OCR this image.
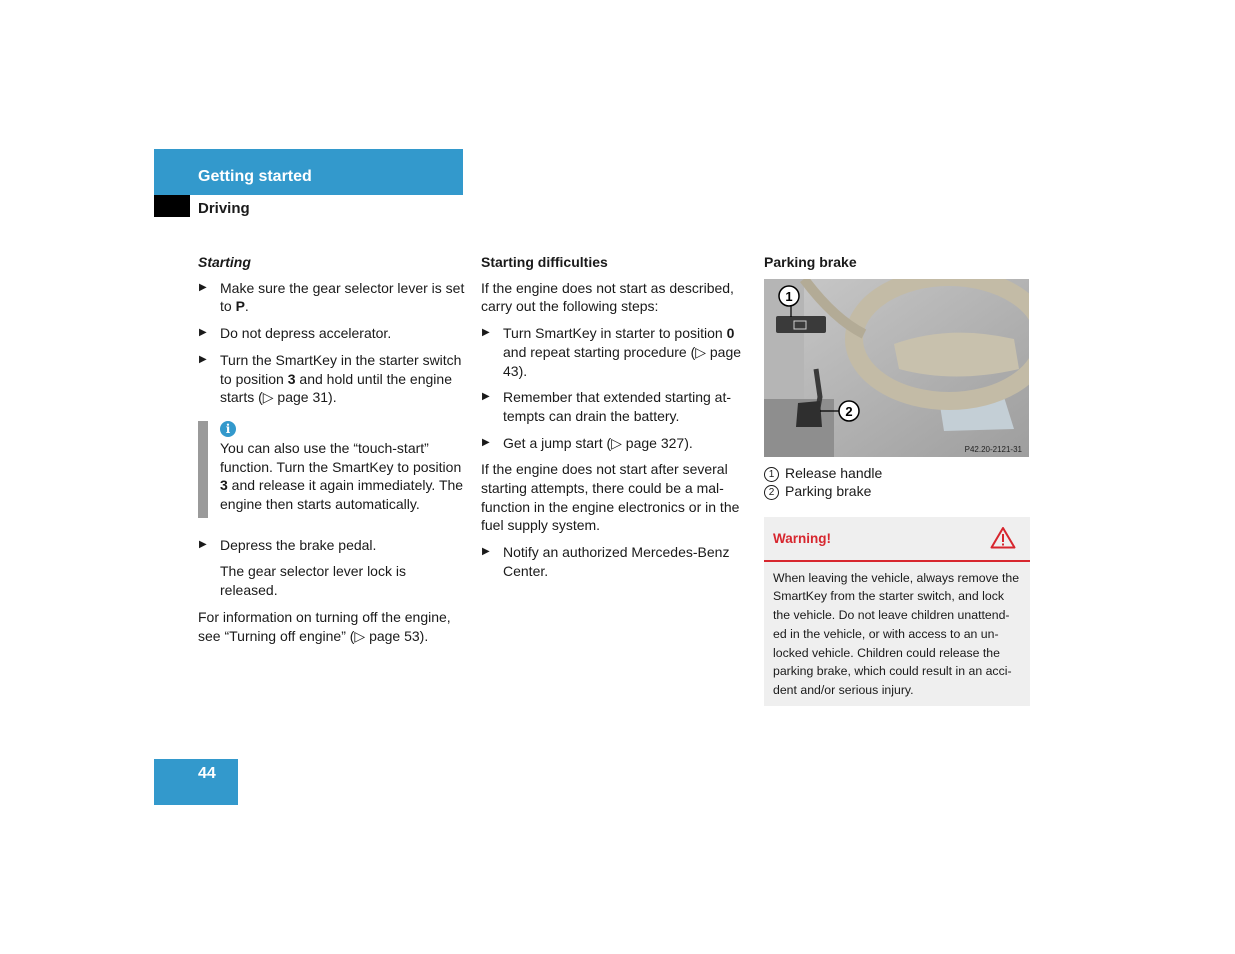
Getting started
Driving
Starting
▶ Make sure the gear selector lever is set to P.
▶ Do not depress accelerator.
▶ Turn the SmartKey in the starter switch to position 3 and hold until the engine starts (▷ page 31).
i
You can also use the “touch-start” function. Turn the SmartKey to position 3 and release it again immediately. The engine then starts automatically.
▶ Depress the brake pedal.
The gear selector lever lock is released.

For information on turning off the engine, see “Turning off engine” (▷ page 53).

Starting difficulties

If the engine does not start as described, carry out the following steps:

▶ Turn SmartKey in starter to position 0 and repeat starting procedure (▷ page 43).
▶ Remember that extended starting at-tempts can drain the battery.
▶ Get a jump start (▷ page 327).

If the engine does not start after several starting attempts, there could be a mal-function in the engine electronics or in the fuel supply system.

▶ Notify an authorized Mercedes-Benz Center.
Parking brake
1
2
P42.20-2121-31
1 Release handle
2 Parking brake
Warning!
When leaving the vehicle, always remove the SmartKey from the starter switch, and lock the vehicle. Do not leave children unattend-ed in the vehicle, or with access to an un-locked vehicle. Children could release the parking brake, which could result in an acci-dent and/or serious injury.
44
